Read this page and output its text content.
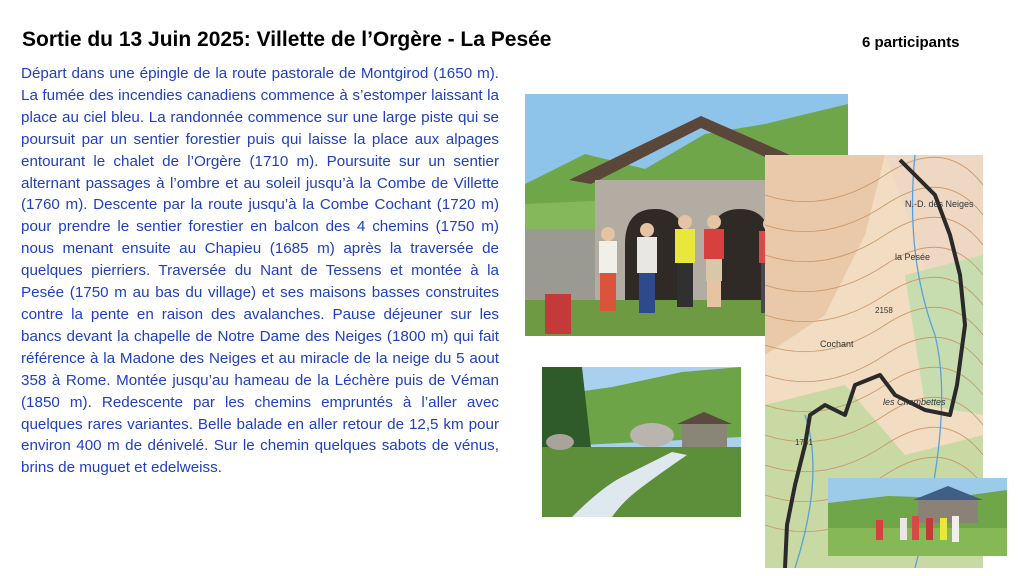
Sortie du 13 Juin 2025: Villette de l’Orgère - La Pesée	6 participants

Départ dans une épingle de la route pastorale de Montgirod (1650 m). La fumée des incendies canadiens commence à s’estomper laissant la place au ciel bleu. La randonnée commence sur une large piste qui se poursuit par un sentier forestier puis qui laisse la place aux alpages entourant le chalet de l’Orgère (1710 m). Poursuite sur un sentier alternant passages à l’ombre et au soleil jusqu’à la Combe de Villette (1760 m). Descente par la route jusqu’à la Combe Cochant (1720 m) pour prendre le sentier forestier en balcon des 4 chemins (1750 m) nous menant ensuite au Chapieu (1685 m) après la traversée de quelques pierriers. Traversée du Nant de Tessens et montée à la Pesée (1750 m au bas du village) et ses maisons basses construites contre la pente en raison des avalanches. Pause déjeuner sur les bancs devant la chapelle de Notre Dame des Neiges (1800 m) qui fait référence à la Madone des Neiges et au miracle de la neige du 5 aout 358 à Rome. Montée jusqu’au hameau de la Léchère puis de Véman (1850 m). Redescente par les chemins empruntés à l’aller avec quelques rares variantes. Belle balade en aller retour de 12,5 km pour environ 400 m de dénivelé. Sur le chemin quelques sabots de vénus, brins de muguet et edelweiss.

N.-D. des Neiges
la Pesée
2158
Cochant
les Chambettes
1751
